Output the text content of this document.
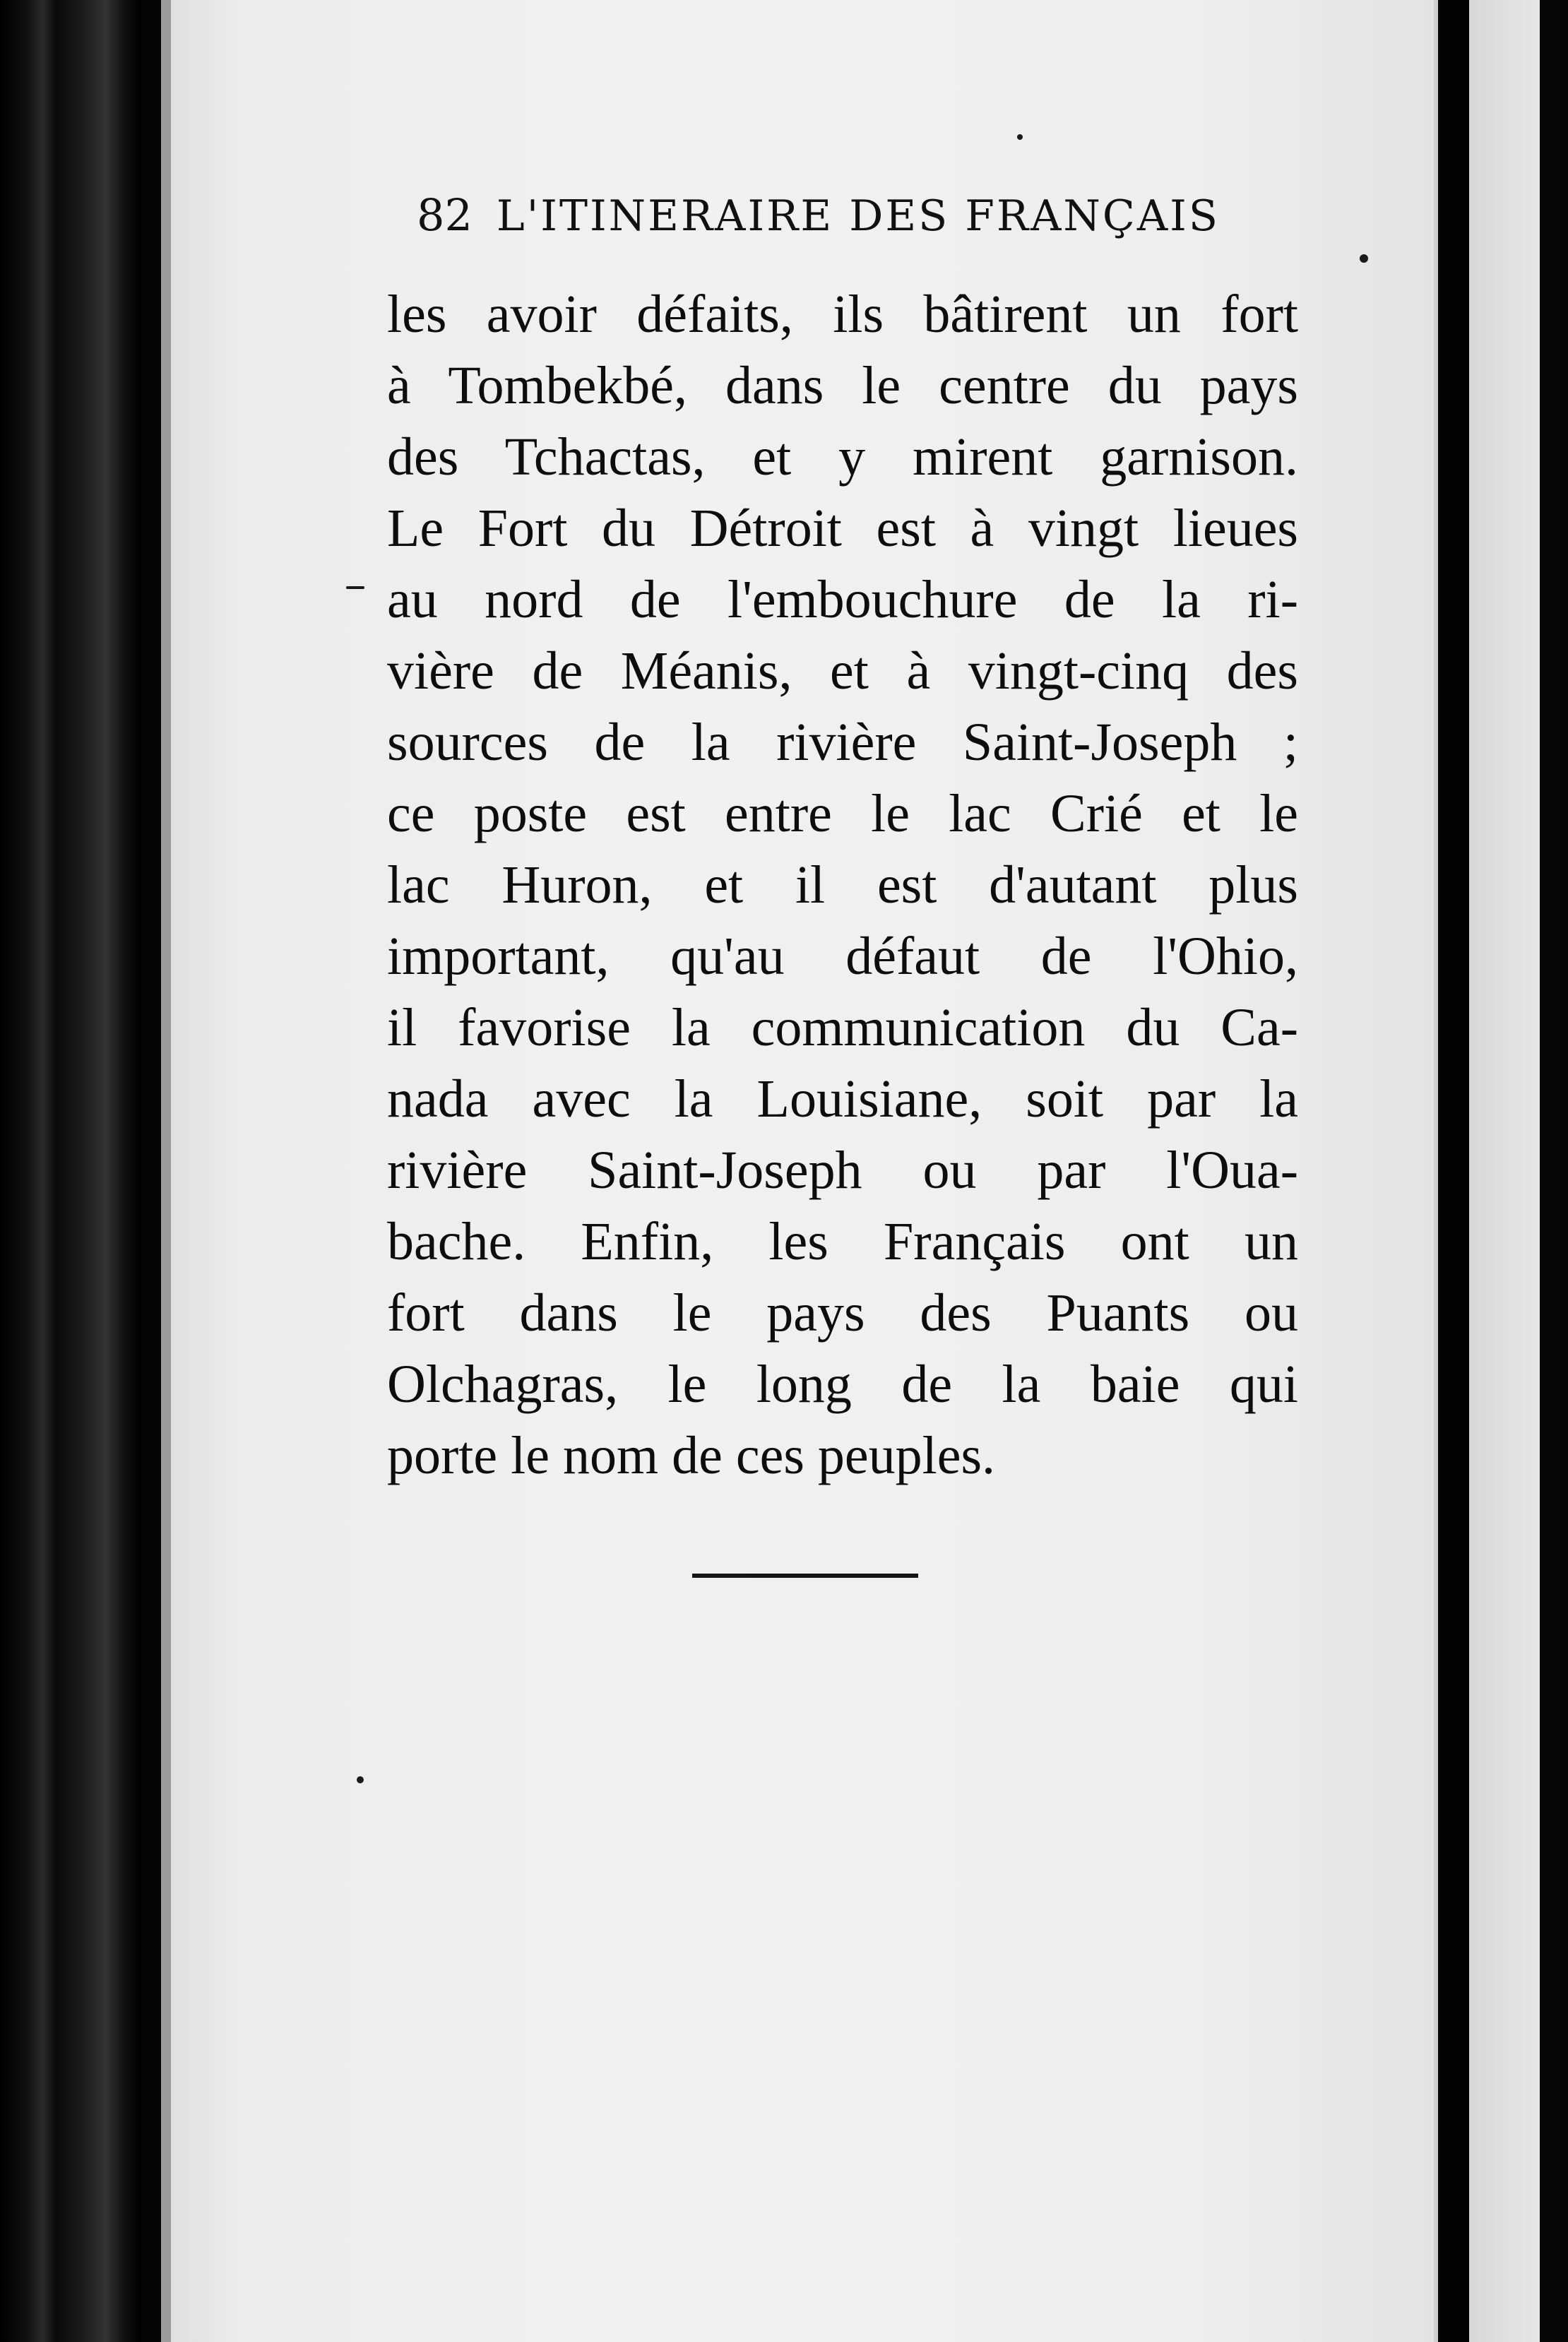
82 L'ITINERAIRE DES FRANÇAIS
les avoir défaits, ils bâtirent un fort
à Tombekbé, dans le centre du pays
des Tchactas, et y mirent garnison.
Le Fort du Détroit est à vingt lieues
au nord de l'embouchure de la ri-
vière de Méanis, et à vingt-cinq des
sources de la rivière Saint-Joseph ;
ce poste est entre le lac Crié et le
lac Huron, et il est d'autant plus
important, qu'au défaut de l'Ohio,
il favorise la communication du Ca-
nada avec la Louisiane, soit par la
rivière Saint-Joseph ou par l'Oua-
bache. Enfin, les Français ont un
fort dans le pays des Puants ou
Olchagras, le long de la baie qui
porte le nom de ces peuples.
